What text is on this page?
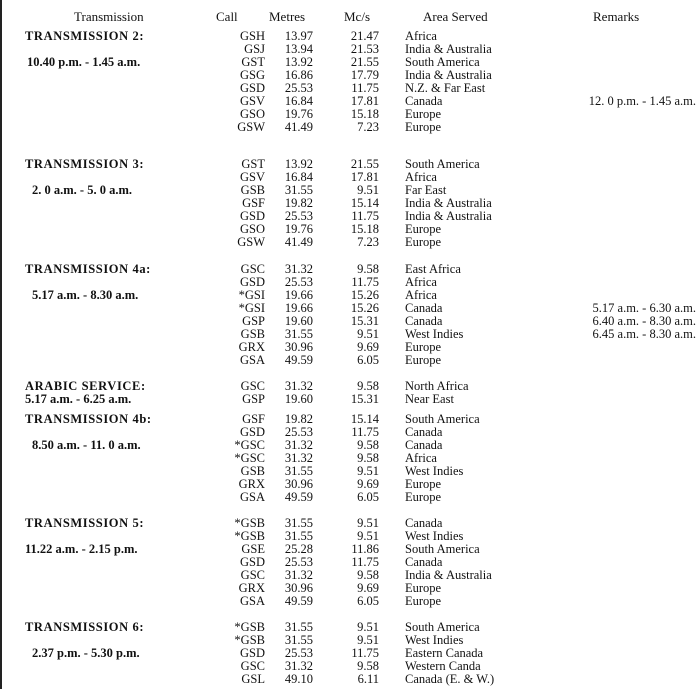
Transmission	Call Metres	Mc/s	Area Served	Remarks
TRANSMISSION 2:
10.40 p.m. - 1.45 a.m.
GSH	13.97	21.47 Africa
GSJ	13.94	21.53 India & Australia
GST	13.92	21.55 South America
GSG	16.86	17.79 India & Australia
GSD	25.53	11.75 N.Z. & Far East
GSV	16.84	17.81 Canada	12. 0 p.m. - 1.45 a.m.
GSO	19.76	15.18 Europe
GSW	41.49	7.23 Europe
TRANSMISSION 3:
2. 0 a.m. - 5. 0 a.m.
GST	13.92	21.55 South America
GSV	16.84	17.81 Africa
GSB	31.55	9.51 Far East
GSF	19.82	15.14 India & Australia
GSD	25.53	11.75 India & Australia
GSO	19.76	15.18 Europe
GSW	41.49	7.23 Europe
TRANSMISSION 4a:
5.17 a.m. - 8.30 a.m.
GSC	31.32	9.58 East Africa
GSD	25.53	11.75 Africa
*GSI	19.66	15.26 Africa
*GSI	19.66	15.26 Canada	5.17 a.m. - 6.30 a.m.
GSP	19.60	15.31 Canada	6.40 a.m. - 8.30 a.m.
GSB	31.55	9.51 West Indies	6.45 a.m. - 8.30 a.m.
GRX	30.96	9.69 Europe
GSA	49.59	6.05 Europe
ARABIC SERVICE:
5.17 a.m. - 6.25 a.m.
GSC	31.32	9.58 North Africa
GSP	19.60	15.31 Near East
TRANSMISSION 4b:
8.50 a.m. - 11. 0 a.m.
GSF	19.82	15.14 South America
GSD	25.53	11.75 Canada
*GSC	31.32	9.58 Canada
*GSC	31.32	9.58 Africa
GSB	31.55	9.51 West Indies
GRX	30.96	9.69 Europe
GSA	49.59	6.05 Europe
TRANSMISSION 5:
11.22 a.m. - 2.15 p.m.
*GSB	31.55	9.51 Canada
*GSB	31.55	9.51 West Indies
GSE	25.28	11.86 South America
GSD	25.53	11.75 Canada
GSC	31.32	9.58 India & Australia
GRX	30.96	9.69 Europe
GSA	49.59	6.05 Europe
TRANSMISSION 6:
2.37 p.m. - 5.30 p.m.
*GSB	31.55	9.51 South America
*GSB	31.55	9.51 West Indies
GSD	25.53	11.75 Eastern Canada
GSC	31.32	9.58 Western Canda
GSL	49.10	6.11 Canada (E. & W.)
